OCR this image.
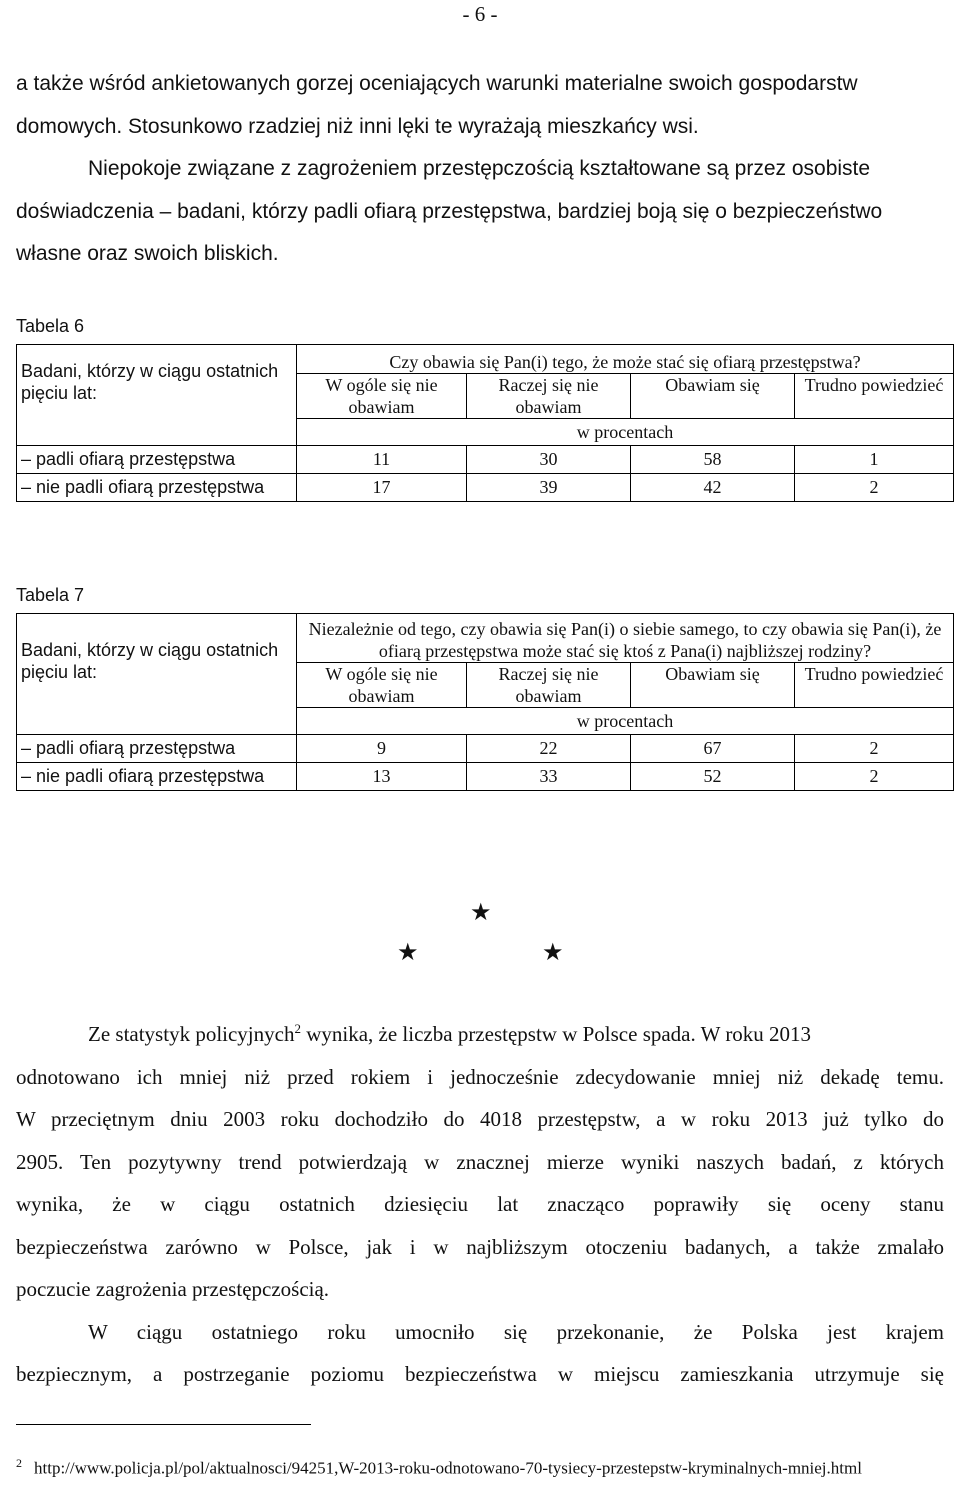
- 6 -
a także wśród ankietowanych gorzej oceniających warunki materialne swoich gospodarstw
domowych. Stosunkowo rzadziej niż inni lęki te wyrażają mieszkańcy wsi.
Niepokoje związane z zagrożeniem przestępczością kształtowane są przez osobiste
doświadczenia – badani, którzy padli ofiarą przestępstwa, bardziej boją się o bezpieczeństwo
własne oraz swoich bliskich.
Tabela 6
Badani, którzy w ciągu ostatnich pięciu lat:	Czy obawia się Pan(i) tego, że może stać się ofiarą przestępstwa?			
	W ogóle się nie obawiam	Raczej się nie obawiam	Obawiam się	Trudno powiedzieć
	w procentach			
– padli ofiarą przestępstwa	11	30	58	1
– nie padli ofiarą przestępstwa	17	39	42	2
Tabela 7
Badani, którzy w ciągu ostatnich pięciu lat:	Niezależnie od tego, czy obawia się Pan(i) o siebie samego, to czy obawia się Pan(i), że ofiarą przestępstwa może stać się ktoś z Pana(i) najbliższej rodziny?			
	W ogóle się nie obawiam	Raczej się nie obawiam	Obawiam się	Trudno powiedzieć
	w procentach			
– padli ofiarą przestępstwa	9	22	67	2
– nie padli ofiarą przestępstwa	13	33	52	2
★
★	★
Ze statystyk policyjnych$^2$ wynika, że liczba przestępstw w Polsce spada. W roku 2013
odnotowano ich mniej niż przed rokiem i jednocześnie zdecydowanie mniej niż dekadę temu.
W przeciętnym dniu 2003 roku dochodziło do 4018 przestępstw, a w roku 2013 już tylko do
2905. Ten pozytywny trend potwierdzają w znacznej mierze wyniki naszych badań, z których
wynika, że w ciągu ostatnich dziesięciu lat znacząco poprawiły się oceny stanu
bezpieczeństwa zarówno w Polsce, jak i w najbliższym otoczeniu badanych, a także zmalało
poczucie zagrożenia przestępczością.
W ciągu ostatniego roku umocniło się przekonanie, że Polska jest krajem
bezpiecznym, a postrzeganie poziomu bezpieczeństwa w miejscu zamieszkania utrzymuje się
$^2$ http://www.policja.pl/pol/aktualnosci/94251,W-2013-roku-odnotowano-70-tysiecy-przestepstw-kryminalnych-mniej.html
